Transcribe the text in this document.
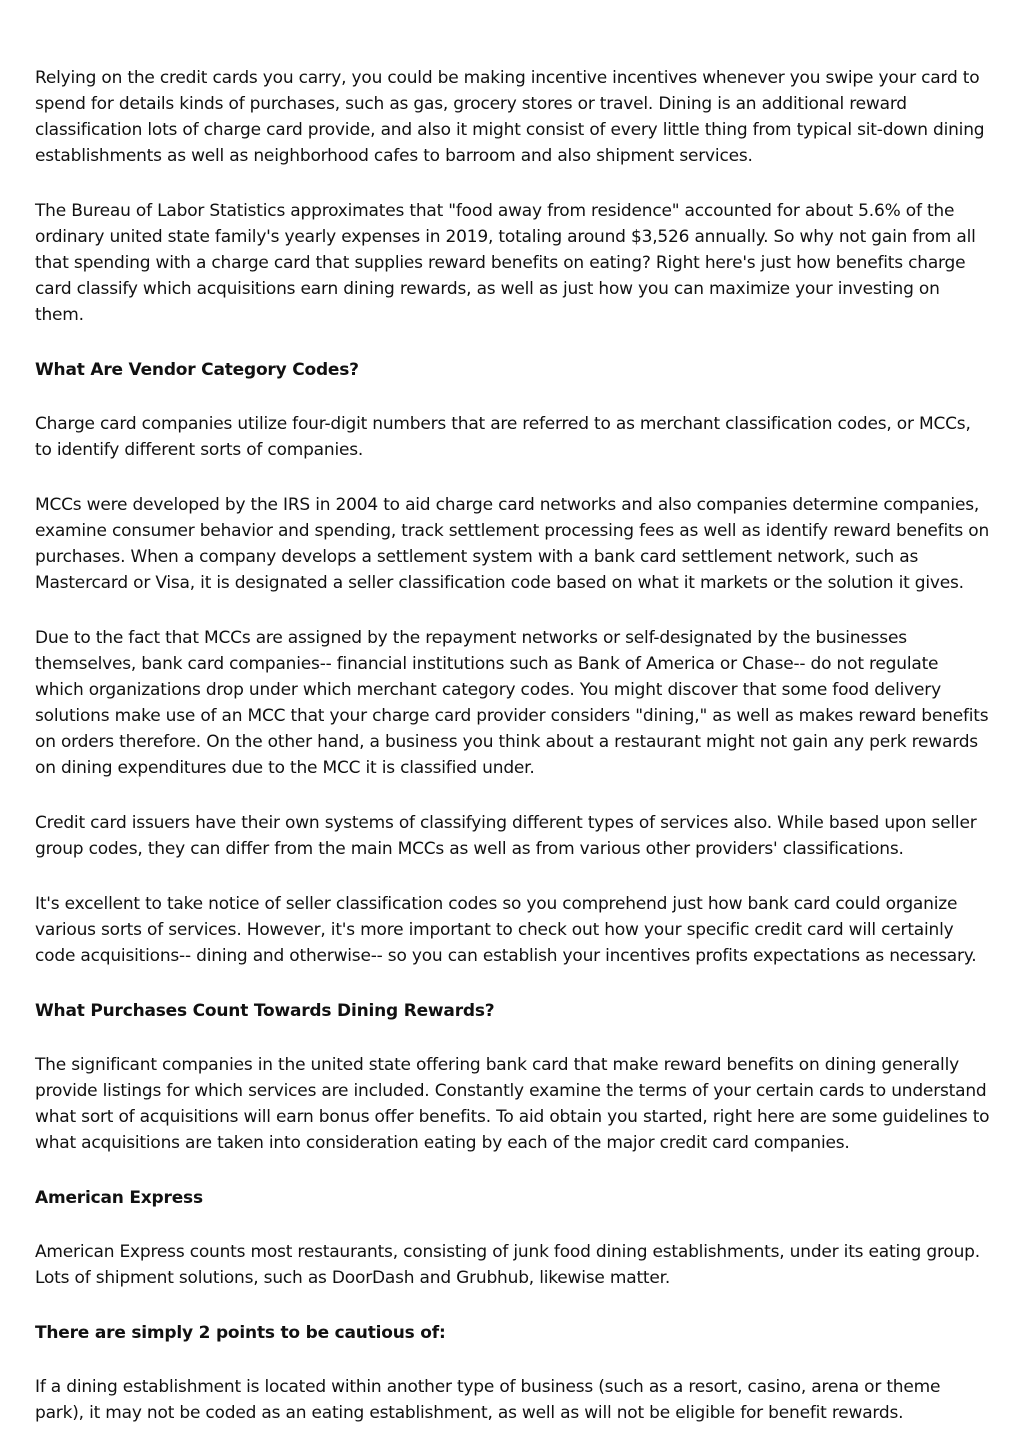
Relying on the credit cards you carry, you could be making incentive incentives whenever you swipe your card to spend for details kinds of purchases, such as gas, grocery stores or travel. Dining is an additional reward classification lots of charge card provide, and also it might consist of every little thing from typical sit-down dining establishments as well as neighborhood cafes to barroom and also shipment services.

The Bureau of Labor Statistics approximates that "food away from residence" accounted for about 5.6% of the ordinary united state family's yearly expenses in 2019, totaling around $3,526 annually. So why not gain from all that spending with a charge card that supplies reward benefits on eating? Right here's just how benefits charge card classify which acquisitions earn dining rewards, as well as just how you can maximize your investing on them.

What Are Vendor Category Codes?

Charge card companies utilize four-digit numbers that are referred to as merchant classification codes, or MCCs, to identify different sorts of companies.

MCCs were developed by the IRS in 2004 to aid charge card networks and also companies determine companies, examine consumer behavior and spending, track settlement processing fees as well as identify reward benefits on purchases. When a company develops a settlement system with a bank card settlement network, such as Mastercard or Visa, it is designated a seller classification code based on what it markets or the solution it gives.

Due to the fact that MCCs are assigned by the repayment networks or self-designated by the businesses themselves, bank card companies-- financial institutions such as Bank of America or Chase-- do not regulate which organizations drop under which merchant category codes. You might discover that some food delivery solutions make use of an MCC that your charge card provider considers "dining," as well as makes reward benefits on orders therefore. On the other hand, a business you think about a restaurant might not gain any perk rewards on dining expenditures due to the MCC it is classified under.

Credit card issuers have their own systems of classifying different types of services also. While based upon seller group codes, they can differ from the main MCCs as well as from various other providers' classifications.

It's excellent to take notice of seller classification codes so you comprehend just how bank card could organize various sorts of services. However, it's more important to check out how your specific credit card will certainly code acquisitions-- dining and otherwise-- so you can establish your incentives profits expectations as necessary.

What Purchases Count Towards Dining Rewards?

The significant companies in the united state offering bank card that make reward benefits on dining generally provide listings for which services are included. Constantly examine the terms of your certain cards to understand what sort of acquisitions will earn bonus offer benefits. To aid obtain you started, right here are some guidelines to what acquisitions are taken into consideration eating by each of the major credit card companies.

American Express

American Express counts most restaurants, consisting of junk food dining establishments, under its eating group. Lots of shipment solutions, such as DoorDash and Grubhub, likewise matter.

There are simply 2 points to be cautious of:

If a dining establishment is located within another type of business (such as a resort, casino, arena or theme park), it may not be coded as an eating establishment, as well as will not be eligible for benefit rewards.
